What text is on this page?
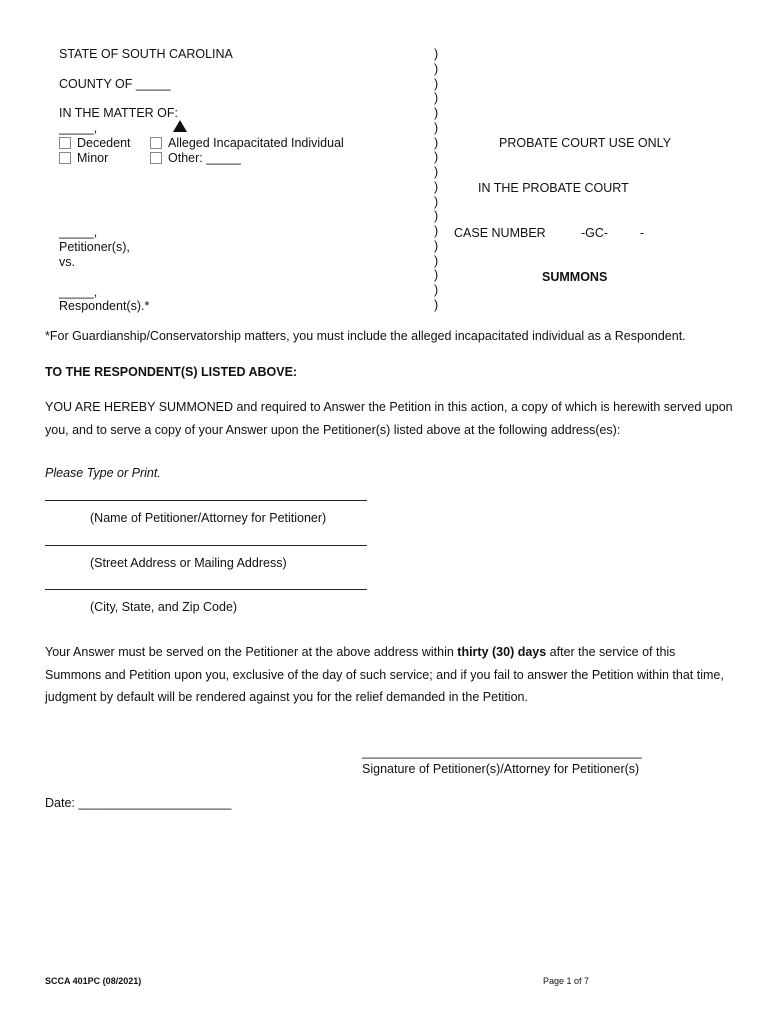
STATE OF SOUTH CAROLINA
COUNTY OF _____
IN THE MATTER OF:
_____,
Decedent
Minor
Alleged Incapacitated Individual
Other: _____
_____,
Petitioner(s),
vs.
_____,
Respondent(s).*
)
)
)
)
)
)
)
)
)
)
)
)
)
)
)
)
)
)
PROBATE COURT USE ONLY
IN THE PROBATE COURT
CASE NUMBER	-GC-	-
SUMMONS
*For Guardianship/Conservatorship matters, you must include the alleged incapacitated individual as a Respondent.
TO THE RESPONDENT(S) LISTED ABOVE:
YOU ARE HEREBY SUMMONED and required to Answer the Petition in this action, a copy of which is herewith served upon you, and to serve a copy of your Answer upon the Petitioner(s) listed above at the following address(es):
Please Type or Print.
(Name of Petitioner/Attorney for Petitioner)
(Street Address or Mailing Address)
(City, State, and Zip Code)
Your Answer must be served on the Petitioner at the above address within thirty (30) days after the service of this Summons and Petition upon you, exclusive of the day of such service; and if you fail to answer the Petition within that time, judgment by default will be rendered against you for the relief demanded in the Petition.
__________________________________________
Signature of Petitioner(s)/Attorney for Petitioner(s)
Date: ______________________
SCCA 401PC (08/2021)	Page 1 of 7
